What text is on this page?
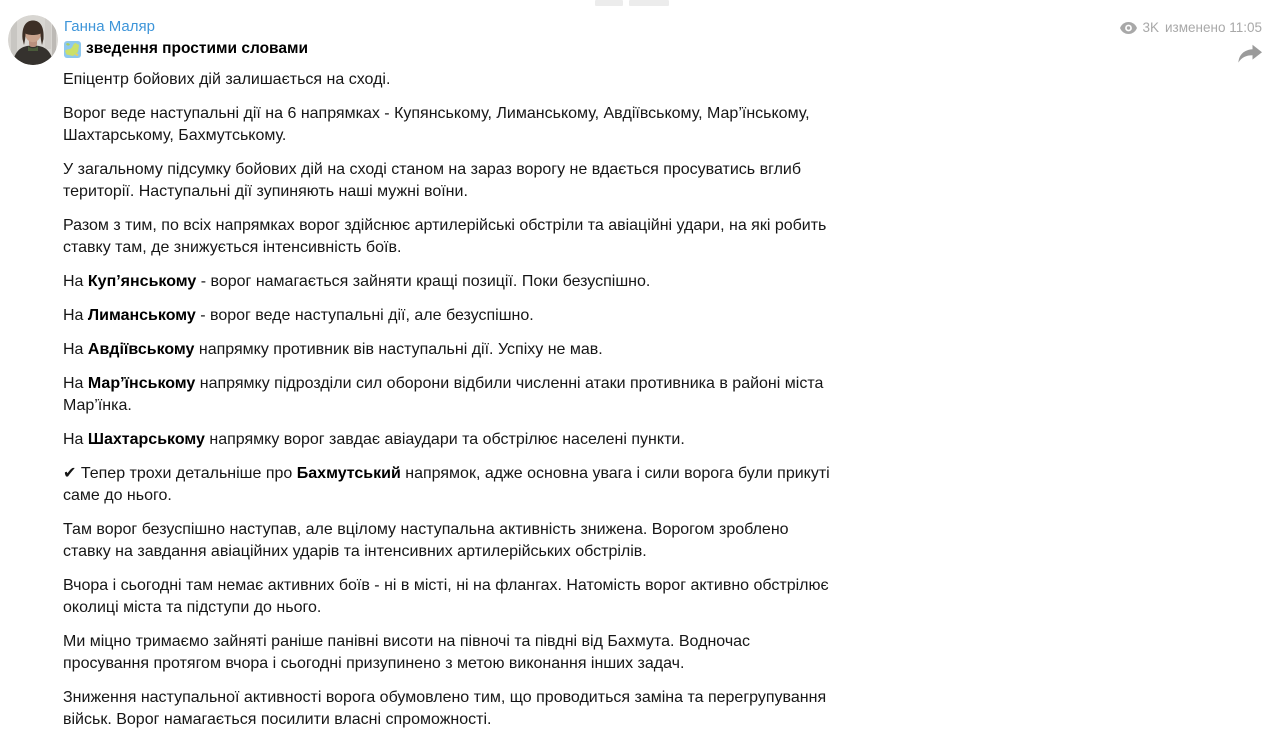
Ганна Маляр
зведення простими словами
3K изменено 11:05

Епіцентр бойових дій залишається на сході.

Ворог веде наступальні дії на 6 напрямках - Купянському, Лиманському, Авдіївському, Мар’їнському, Шахтарському, Бахмутському.

У загальному підсумку бойових дій на сході станом на зараз ворогу не вдається просуватись вглиб території. Наступальні дії зупиняють наші мужні воїни.

Разом з тим, по всіх напрямках ворог здійснює артилерійські обстріли та авіаційні удари, на які робить ставку там, де знижується інтенсивність боїв.

На Куп’янському - ворог намагається зайняти кращі позиції. Поки безуспішно.

На Лиманському - ворог веде наступальні дії, але безуспішно.

На Авдіївському напрямку противник вів наступальні дії. Успіху не мав.

На Мар’їнському напрямку підрозділи сил оборони відбили численні атаки противника в районі міста Мар’їнка.

На Шахтарському напрямку ворог завдає авіаудари та обстрілює населені пункти.

✔ Тепер трохи детальніше про Бахмутський напрямок, адже основна увага і сили ворога були прикуті саме до нього.

Там ворог безуспішно наступав, але вцілому наступальна активність знижена. Ворогом зроблено ставку на завдання авіаційних ударів та інтенсивних артилерійських обстрілів.

Вчора і сьогодні там немає активних боїв - ні в місті, ні на флангах. Натомість ворог активно обстрілює околиці міста та підступи до нього.

Ми міцно тримаємо зайняті раніше панівні висоти на півночі та півдні від Бахмута. Водночас просування протягом вчора і сьогодні призупинено з метою виконання інших задач.

Зниження наступальної активності ворога обумовлено тим, що проводиться заміна та перегрупування військ. Ворог намагається посилити власні спроможності.
